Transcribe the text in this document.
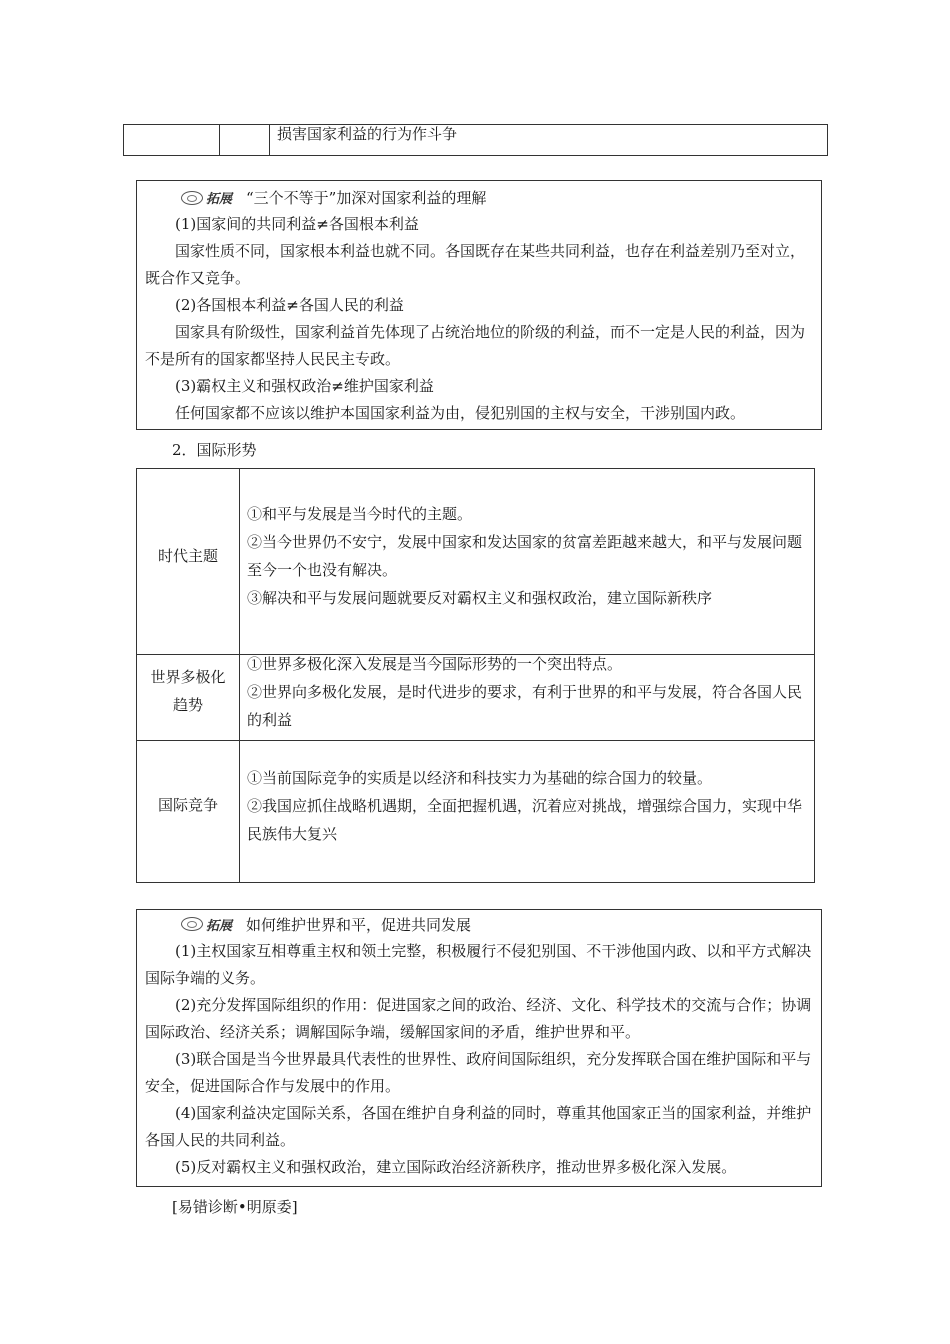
损害国家利益的行为作斗争
拓展 “三个不等于”加深对国家利益的理解

(1)国家间的共同利益≠各国根本利益

国家性质不同，国家根本利益也就不同。各国既存在某些共同利益，也存在利益差别乃至对立，既合作又竞争。

(2)各国根本利益≠各国人民的利益

国家具有阶级性，国家利益首先体现了占统治地位的阶级的利益，而不一定是人民的利益，因为不是所有的国家都坚持人民民主专政。

(3)霸权主义和强权政治≠维护国家利益

任何国家都不应该以维护本国国家利益为由，侵犯别国的主权与安全，干涉别国内政。

2．国际形势
时代主题

①和平与发展是当今时代的主题。

②当今世界仍不安宁，发展中国家和发达国家的贫富差距越来越大，和平与发展问题至今一个也没有解决。

③解决和平与发展问题就要反对霸权主义和强权政治，建立国际新秩序

世界多极化趋势

①世界多极化深入发展是当今国际形势的一个突出特点。

②世界向多极化发展，是时代进步的要求，有利于世界的和平与发展，符合各国人民的利益

国际竞争

①当前国际竞争的实质是以经济和科技实力为基础的综合国力的较量。

②我国应抓住战略机遇期，全面把握机遇，沉着应对挑战，增强综合国力，实现中华民族伟大复兴

拓展 如何维护世界和平，促进共同发展

(1)主权国家互相尊重主权和领土完整，积极履行不侵犯别国、不干涉他国内政、以和平方式解决国际争端的义务。

(2)充分发挥国际组织的作用：促进国家之间的政治、经济、文化、科学技术的交流与合作；协调国际政治、经济关系；调解国际争端，缓解国家间的矛盾，维护世界和平。

(3)联合国是当今世界最具代表性的世界性、政府间国际组织，充分发挥联合国在维护国际和平与安全，促进国际合作与发展中的作用。

(4)国家利益决定国际关系，各国在维护自身利益的同时，尊重其他国家正当的国家利益，并维护各国人民的共同利益。

(5)反对霸权主义和强权政治，建立国际政治经济新秩序，推动世界多极化深入发展。

[易错诊断•明原委]
